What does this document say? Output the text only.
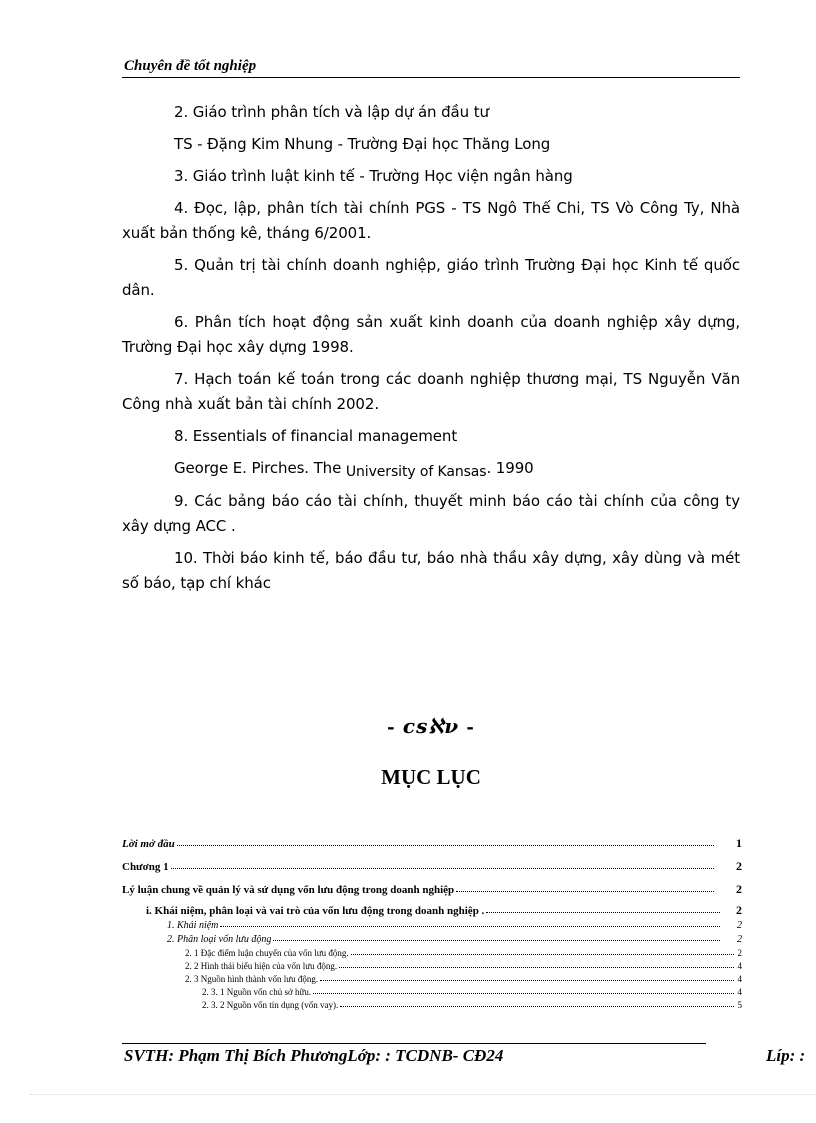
Chuyên đề tốt nghiệp

2. Giáo trình phân tích và lập dự án đầu tư

TS - Đặng Kim Nhung - Trường Đại học Thăng Long

3. Giáo trình luật kinh tế - Trường Học viện ngân hàng

4. Đọc, lập, phân tích tài chính PGS - TS Ngô Thế Chi, TS Vò Công Ty, Nhà xuất bản thống kê, tháng 6/2001.

5. Quản trị tài chính doanh nghiệp, giáo trình Trường Đại học Kinh tế quốc dân.

6. Phân tích hoạt động sản xuất kinh doanh của doanh nghiệp xây dựng, Trường Đại học xây dựng 1998.

7. Hạch toán kế toán trong các doanh nghiệp thương mại, TS Nguyễn Văn Công nhà xuất bản tài chính 2002.

8. Essentials of financial management

George E. Pirches. The University of Kansas. 1990

9. Các bảng báo cáo tài chính, thuyết minh báo cáo tài chính của công ty xây dựng ACC .

10. Thời báo kinh tế, báo đầu tư, báo nhà thầu xây dựng, xây dùng và mét số báo, tạp chí khác

- csℵν -
MỤC LỤC
Lời mở đầu	1
Chương 1	2
Lý luận chung về quản lý và sử dụng vốn lưu động trong doanh nghiệp	2
i. Khái niệm, phân loại và vai trò của vốn lưu động trong doanh nghiệp .	2
1. Khái niệm	2
2. Phân loại vốn lưu động	2
2. 1 Đặc điểm luận chuyển của vốn lưu động.	2
2. 2 Hình thái biểu hiện của vốn lưu động.	4
2. 3 Nguồn hình thành vốn lưu động.	4
2. 3. 1 Nguồn vốn chủ sở hữu.	4
2. 3. 2 Nguồn vốn tín dụng (vốn vay).	5
SVTH: Phạm Thị Bích PhươngLớp: : TCDNB- CĐ24	Líp: :
